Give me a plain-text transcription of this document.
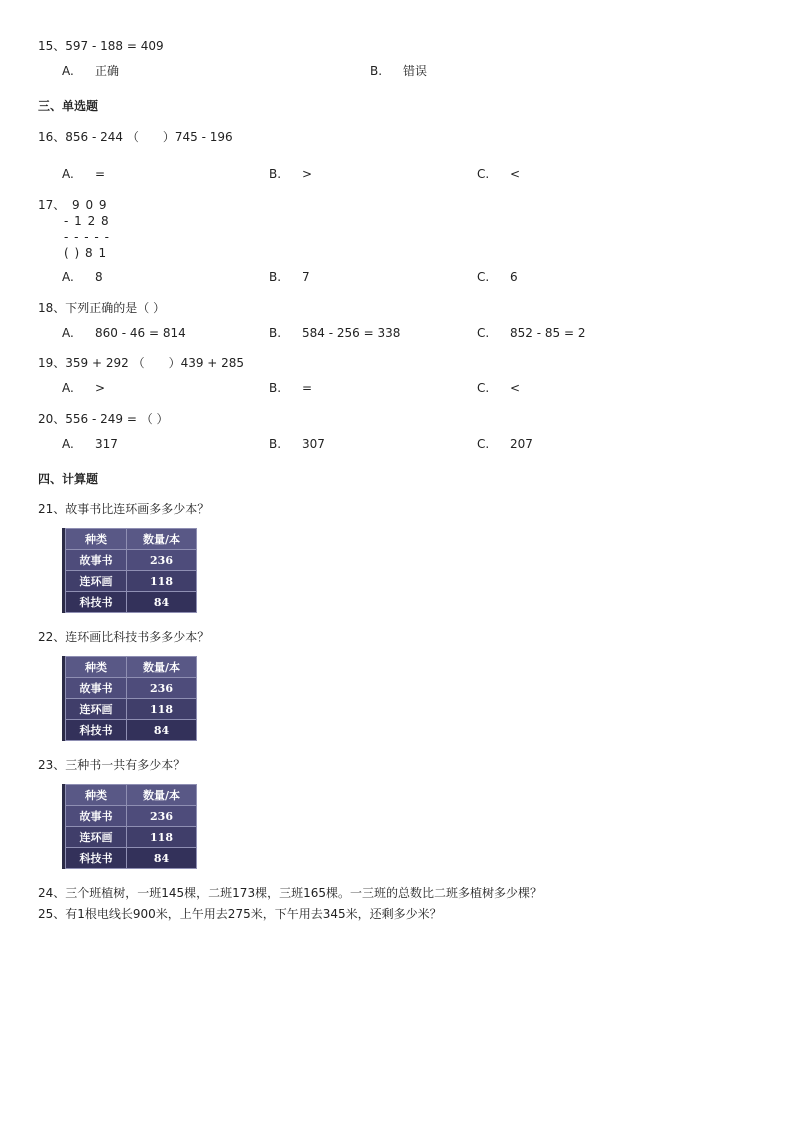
15、597 - 188 = 409
A. 正确	B. 错误
三、单选题
16、856 - 244 （　　）745 - 196
A. =	B. >	C. <
17、 9 0 9
- 1 2 8
- - - - -
( ) 8 1
A. 8	B. 7	C. 6
18、下列正确的是（ ）
A. 860 - 46 = 814	B. 584 - 256 = 338	C. 852 - 85 = 2
19、359 + 292 （　　）439 + 285
A. >	B. =	C. <
20、556 - 249 = （ ）
A. 317	B. 307	C. 207
四、计算题
21、故事书比连环画多多少本？
种类	数量/本
故事书	236
连环画	118
科技书	84
22、连环画比科技书多多少本？
种类	数量/本
故事书	236
连环画	118
科技书	84
23、三种书一共有多少本？
种类	数量/本
故事书	236
连环画	118
科技书	84
24、三个班植树，一班145棵，二班173棵，三班165棵。一三班的总数比二班多植树多少棵？
25、有1根电线长900米，上午用去275米，下午用去345米，还剩多少米？
